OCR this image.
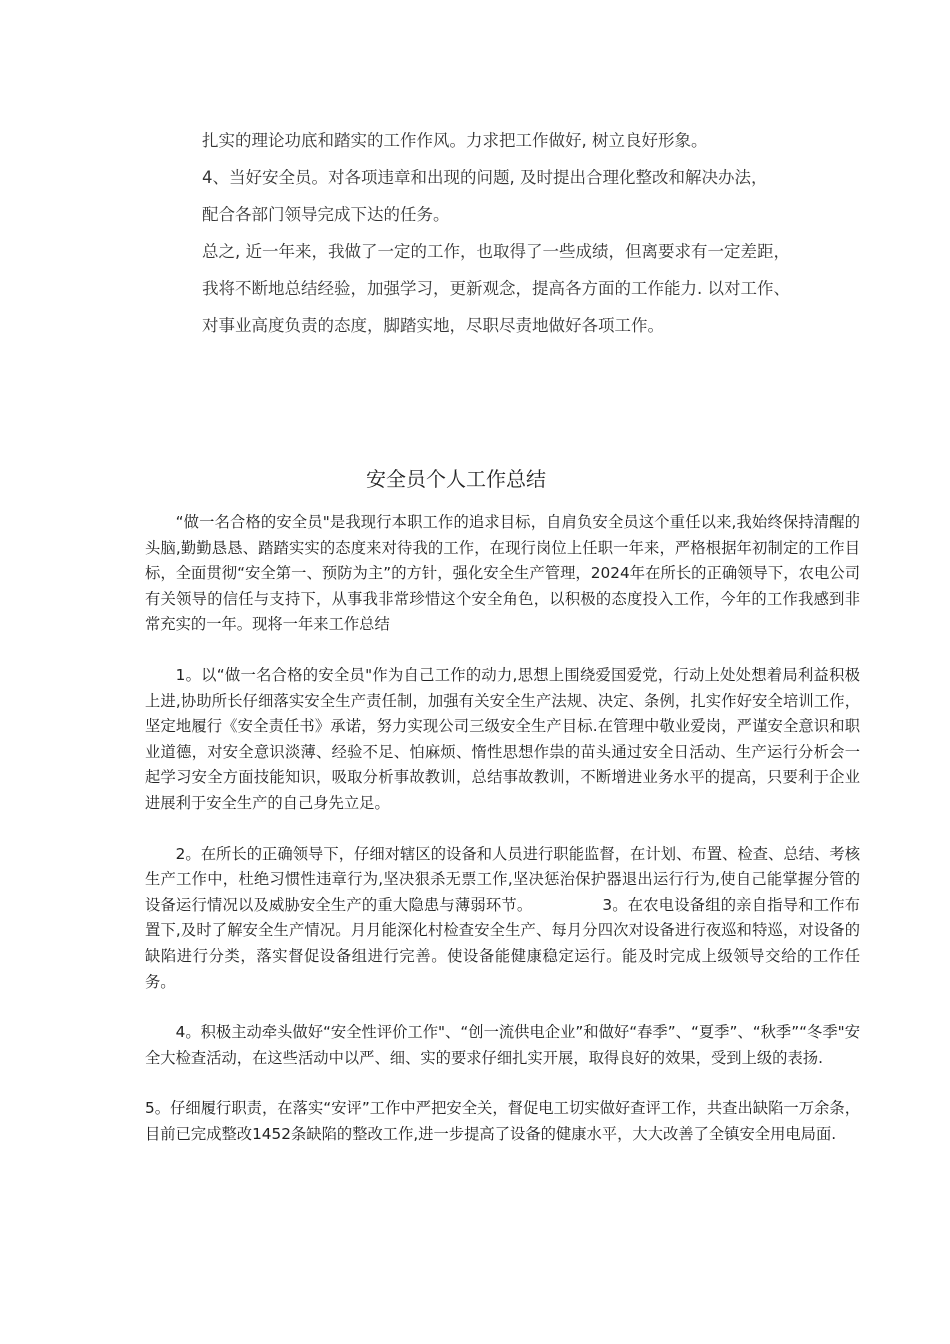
扎实的理论功底和踏实的工作作风。力求把工作做好, 树立良好形象。

4、当好安全员。对各项违章和出现的问题, 及时提出合理化整改和解决办法，

配合各部门领导完成下达的任务。

总之, 近一年来，我做了一定的工作，也取得了一些成绩，但离要求有一定差距，

我将不断地总结经验，加强学习，更新观念，提高各方面的工作能力. 以对工作、

对事业高度负责的态度，脚踏实地，尽职尽责地做好各项工作。

安全员个人工作总结

“做一名合格的安全员"是我现行本职工作的追求目标，自肩负安全员这个重任以来,我始终保持清醒的头脑,勤勤恳恳、踏踏实实的态度来对待我的工作，在现行岗位上任职一年来，严格根据年初制定的工作目标，全面贯彻“安全第一、预防为主”的方针，强化安全生产管理，2024年在所长的正确领导下，农电公司有关领导的信任与支持下，从事我非常珍惜这个安全角色，以积极的态度投入工作，今年的工作我感到非常充实的一年。现将一年来工作总结

1。以“做一名合格的安全员"作为自己工作的动力,思想上围绕爱国爱党，行动上处处想着局利益积极上进,协助所长仔细落实安全生产责任制，加强有关安全生产法规、决定、条例，扎实作好安全培训工作，坚定地履行《安全责任书》承诺，努力实现公司三级安全生产目标.在管理中敬业爱岗，严谨安全意识和职业道德，对安全意识淡薄、经验不足、怕麻烦、惰性思想作祟的苗头通过安全日活动、生产运行分析会一起学习安全方面技能知识，吸取分析事故教训，总结事故教训，不断增进业务水平的提高，只要利于企业进展利于安全生产的自己身先立足。

2。在所长的正确领导下，仔细对辖区的设备和人员进行职能监督，在计划、布置、检查、总结、考核生产工作中，杜绝习惯性违章行为,坚决狠杀无票工作,坚决惩治保护器退出运行行为,使自己能掌握分管的设备运行情况以及威胁安全生产的重大隐患与薄弱环节。	3。在农电设备组的亲自指导和工作布置下,及时了解安全生产情况。月月能深化村检查安全生产、每月分四次对设备进行夜巡和特巡，对设备的缺陷进行分类，落实督促设备组进行完善。使设备能健康稳定运行。能及时完成上级领导交给的工作任务。

4。积极主动牵头做好“安全性评价工作"、“创一流供电企业”和做好“春季”、“夏季”、“秋季”“冬季"安全大检查活动，在这些活动中以严、细、实的要求仔细扎实开展，取得良好的效果，受到上级的表扬.

5。仔细履行职责，在落实“安评”工作中严把安全关，督促电工切实做好查评工作，共查出缺陷一万余条，目前已完成整改1452条缺陷的整改工作,进一步提高了设备的健康水平，大大改善了全镇安全用电局面.
